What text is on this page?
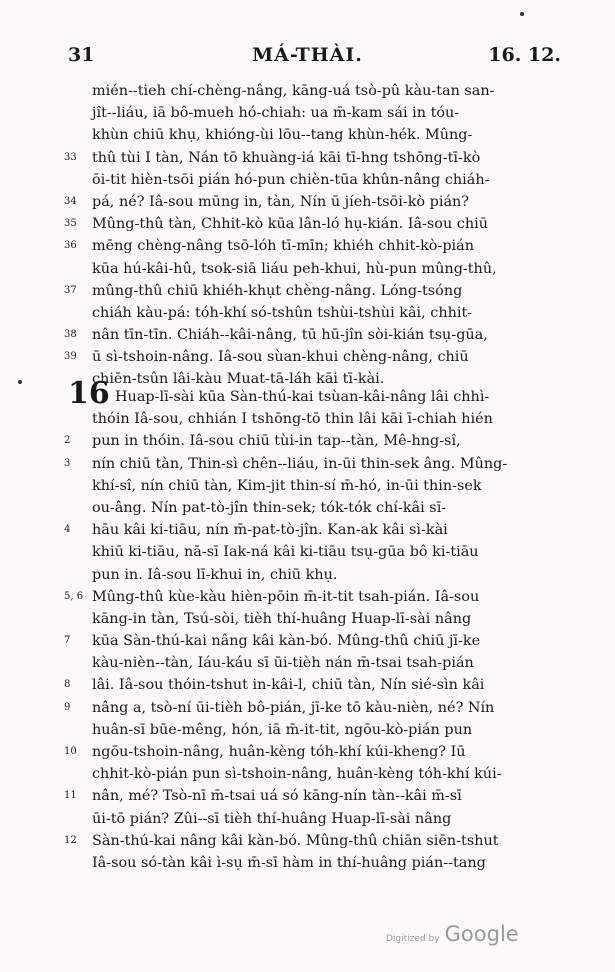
31	MÁ-THÀI.	16. 12.
mién--tieh chí-chèng-nâng, kāng-uá tsò-pû kàu-tan san-
jît--liáu, iā bô-mueh hó-chiah: ua m̄-kam sái in tóu-
khùn chiū khụ, khióng-ùi lōu--tang khùn-hék. Mûng-
33	thû tùi I tàn, Nán tō khuàng-iá kāi tī-hng tshōng-tī-kò
ōi-tit hièn-tsōi pián hó-pun chièn-tūa khûn-nâng chiáh-
34	pá, né? Iâ-sou mūng in, tàn, Nín ū jíeh-tsōi-kò pián?
35	Mûng-thû tàn, Chhit-kò kūa lân-ló hụ-kián. Iâ-sou chiū
36	mēng chèng-nâng tsō-lóh tī-mīn; khiéh chhit-kò-pián
kūa hú-kâi-hû, tsok-siā liáu peh-khui, hù-pun mûng-thû,
37	mûng-thû chiū khiéh-khụt chèng-nâng. Lóng-tsóng
chiáh kàu-pá: tóh-khí só-tshûn tshùi-tshùi kâi, chhit-
38	nân tīn-tīn. Chiáh--kâi-nâng, tū hū-jîn sòi-kián tsụ-gūa,
39	ū sì-tshoin-nâng. Iâ-sou sùan-khui chèng-nâng, chiū
chiēn-tsûn lâi-kàu Muat-tā-láh kāi tī-kài.
16 Huap-lī-sài kūa Sàn-thú-kai tsùan-kâi-nâng lâi chhì-
thóin Iâ-sou, chhián I tshōng-tō thin lâi kāi ī-chiah hién
2	pun in thóin. Iâ-sou chiū tùi-in tap--tàn, Mê-hng-sî,
3	nín chiū tàn, Thin-sì chên--liáu, in-ūi thin-sek âng. Mûng-
khí-sî, nín chiū tàn, Kim-jit thin-sí m̄-hó, in-ūi thin-sek
ou-âng. Nín pat-tò-jîn thin-sek; tók-tók chí-kâi sī-
4	hāu kâi ki-tiāu, nín m̄-pat-tò-jîn. Kan-ak kâi sì-kài
khiū ki-tiāu, nā-sī Iak-ná kâi ki-tiāu tsụ-gūa bô ki-tiāu
pun in. Iâ-sou lī-khui in, chiū khụ.
5, 6 Mûng-thû kùe-kàu hièn-pōin m̄-it-tit tsah-pián. Iâ-sou
kāng-in tàn, Tsú-sòi, tièh thí-huâng Huap-lī-sài nâng
7	kūa Sàn-thú-kai nâng kâi kàn-bó. Mûng-thû chiū jī-ke
kàu-nièn--tàn, Iáu-káu sī ūi-tièh nán m̄-tsai tsah-pián
8	lâi. Iâ-sou thóin-tshut in-kâi-l, chiū tàn, Nín sié-sìn kâi
9	nâng a, tsò-ní ūi-tièh bô-pián, jī-ke tō kàu-nièn, né? Nín
huân-sī būe-mêng, hón, iā m̄-it-tit, ngōu-kò-pián pun
10	ngōu-tshoin-nâng, huân-kèng tóh-khí kúi-kheng? Iū
chhit-kò-pián pun sì-tshoin-nâng, huân-kèng tóh-khí kúi-
11	nân, mé? Tsò-nī m̄-tsai uá só kāng-nín tàn--kâi m̄-sī
ūi-tō pián? Zûi--sī tièh thí-huâng Huap-lī-sài nâng
12	Sàn-thú-kai nâng kâi kàn-bó. Mûng-thû chiān siēn-tshut
Iâ-sou só-tàn kâi ì-sụ m̄-sī hàm in thí-huâng pián--tang
Digitized by Google
